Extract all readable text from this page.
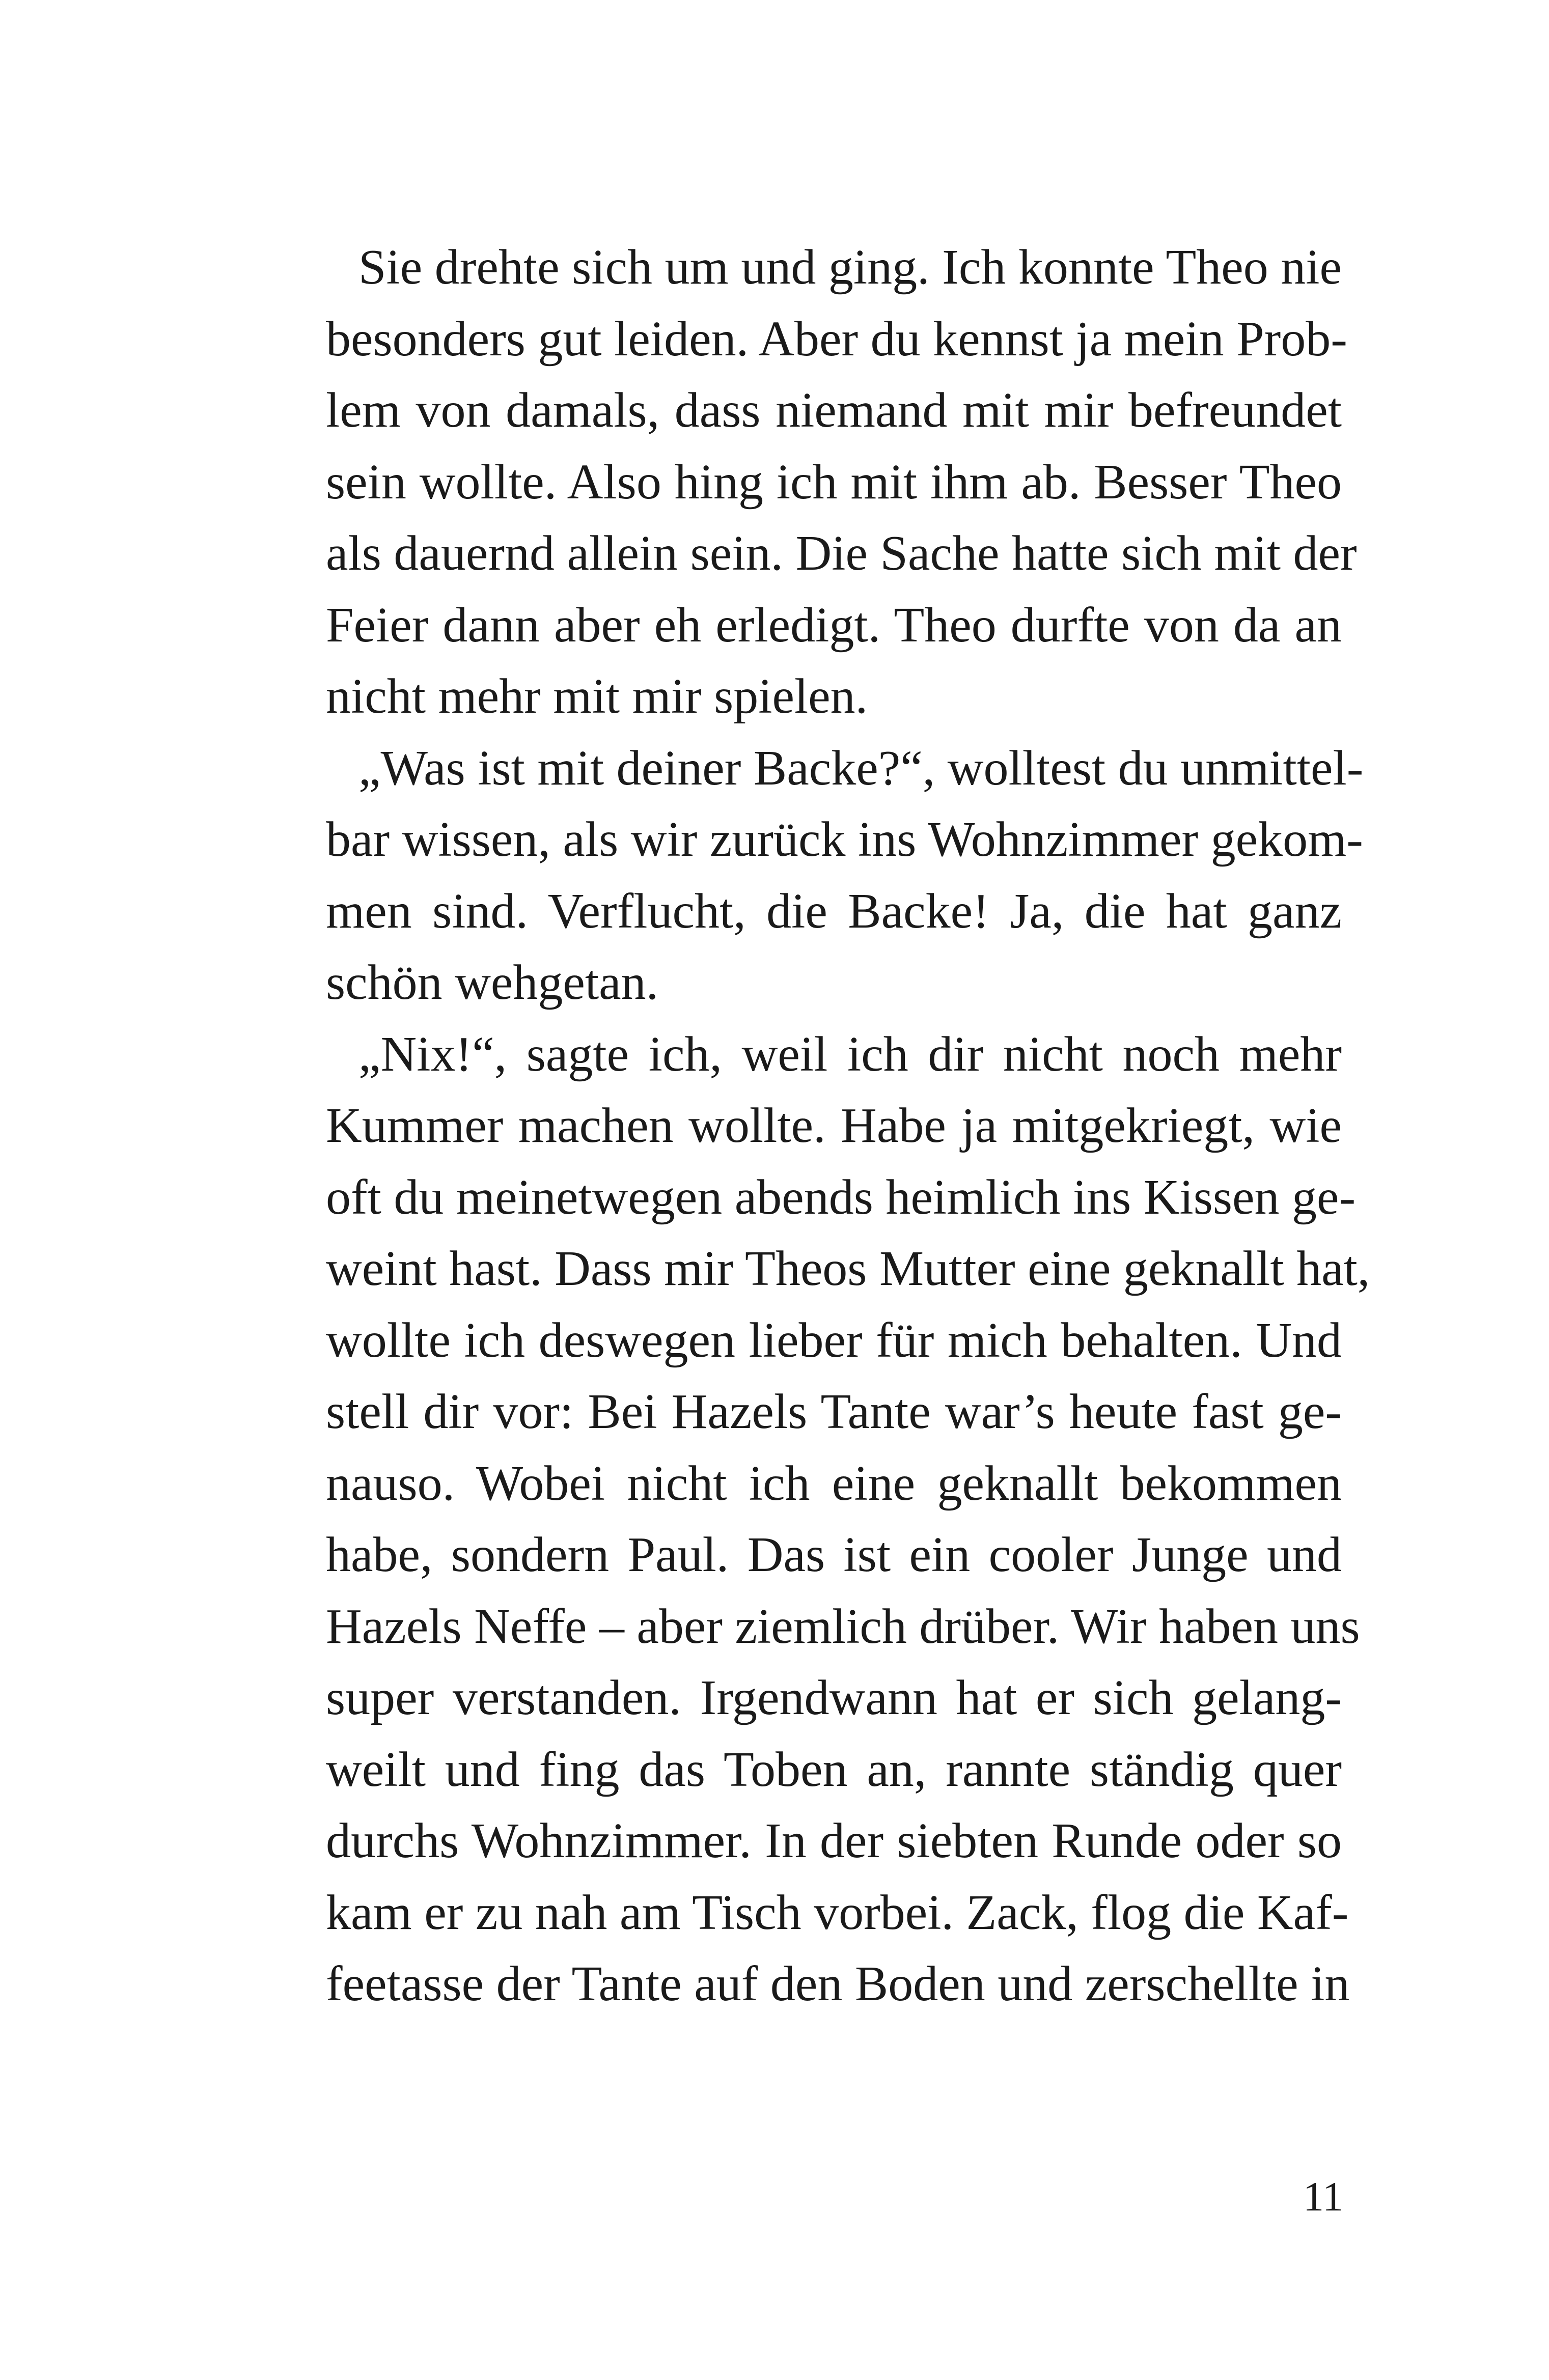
Sie drehte sich um und ging. Ich konnte Theo nie
besonders gut leiden. Aber du kennst ja mein Prob-
lem von damals, dass niemand mit mir befreundet
sein wollte. Also hing ich mit ihm ab. Besser Theo
als dauernd allein sein. Die Sache hatte sich mit der
Feier dann aber eh erledigt. Theo durfte von da an
nicht mehr mit mir spielen.
„Was ist mit deiner Backe?“, wolltest du unmittel-
bar wissen, als wir zurück ins Wohnzimmer gekom-
men sind. Verflucht, die Backe! Ja, die hat ganz
schön wehgetan.
„Nix!“, sagte ich, weil ich dir nicht noch mehr
Kummer machen wollte. Habe ja mitgekriegt, wie
oft du meinetwegen abends heimlich ins Kissen ge-
weint hast. Dass mir Theos Mutter eine geknallt hat,
wollte ich deswegen lieber für mich behalten. Und
stell dir vor: Bei Hazels Tante war’s heute fast ge-
nauso. Wobei nicht ich eine geknallt bekommen
habe, sondern Paul. Das ist ein cooler Junge und
Hazels Neffe – aber ziemlich drüber. Wir haben uns
super verstanden. Irgendwann hat er sich gelang-
weilt und fing das Toben an, rannte ständig quer
durchs Wohnzimmer. In der siebten Runde oder so
kam er zu nah am Tisch vorbei. Zack, flog die Kaf-
feetasse der Tante auf den Boden und zerschellte in
11
